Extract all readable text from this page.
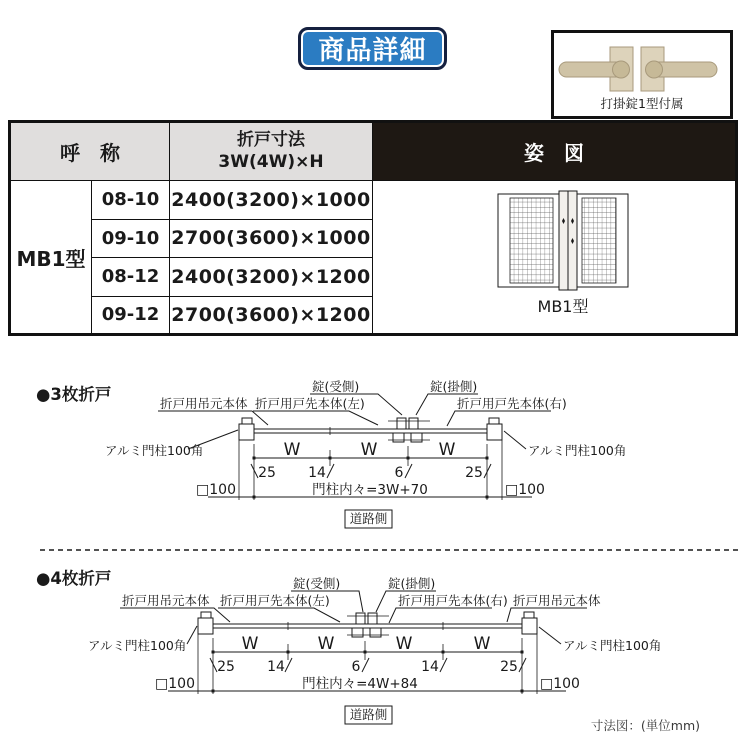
商品詳細
打掛錠1型付属
呼　称		折戸寸法
3W(4W)×H	姿　図
MB1型	08-10	2400(3200)×1000	MB1型

	09-10	2700(3600)×1000	
	08-12	2400(3200)×1200	
	09-12	2700(3600)×1200	
●3枚折戸	折戸用吊元本体 折戸用戸先本体(左)	折戸用戸先本体(右)
錠(受側)	錠(掛側)
W	W	W
25 14	6	25
□100	門柱内々=3W+70	□100
アルミ門柱100角	アルミ門柱100角
道路側
●4枚折戸
折戸用吊元本体 折戸用戸先本体(左)	折戸用戸先本体(右) 折戸用吊元本体
錠(受側)	錠(掛側)
W	W	W	W
25 14	6	14	25
□100	門柱内々=4W+84	□100
アルミ門柱100角	アルミ門柱100角
道路側
寸法図：(単位mm)
